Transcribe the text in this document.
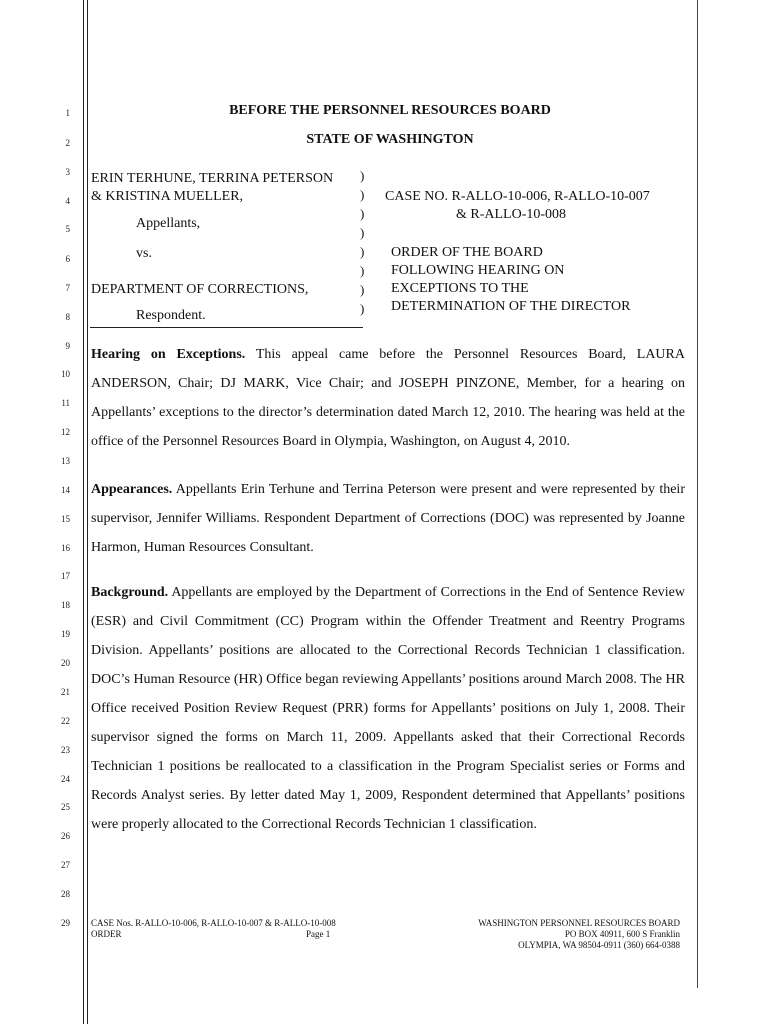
1
2
3
4
5
6
7
8
9
10
11
12
13
14
15
16
17
18
19
20
21
22
23
24
25
26
27
28
29
BEFORE THE PERSONNEL RESOURCES BOARD
STATE OF WASHINGTON
ERIN TERHUNE, TERRINA PETERSON
& KRISTINA MUELLER,
Appellants,
vs.
DEPARTMENT OF CORRECTIONS,
Respondent.
)
)
)
)
)
)
)
)
CASE NO. R-ALLO-10-006, R-ALLO-10-007
& R-ALLO-10-008
ORDER OF THE BOARD
FOLLOWING HEARING ON
EXCEPTIONS TO THE
DETERMINATION OF THE DIRECTOR
Hearing on Exceptions. This appeal came before the Personnel Resources Board, LAURA ANDERSON, Chair; DJ MARK, Vice Chair; and JOSEPH PINZONE, Member, for a hearing on Appellants’ exceptions to the director’s determination dated March 12, 2010. The hearing was held at the office of the Personnel Resources Board in Olympia, Washington, on August 4, 2010.
Appearances. Appellants Erin Terhune and Terrina Peterson were present and were represented by their supervisor, Jennifer Williams. Respondent Department of Corrections (DOC) was represented by Joanne Harmon, Human Resources Consultant.
Background. Appellants are employed by the Department of Corrections in the End of Sentence Review (ESR) and Civil Commitment (CC) Program within the Offender Treatment and Reentry Programs Division. Appellants’ positions are allocated to the Correctional Records Technician 1 classification. DOC’s Human Resource (HR) Office began reviewing Appellants’ positions around March 2008. The HR Office received Position Review Request (PRR) forms for Appellants’ positions on July 1, 2008. Their supervisor signed the forms on March 11, 2009. Appellants asked that their Correctional Records Technician 1 positions be reallocated to a classification in the Program Specialist series or Forms and Records Analyst series. By letter dated May 1, 2009, Respondent determined that Appellants’ positions were properly allocated to the Correctional Records Technician 1 classification.
CASE Nos. R-ALLO-10-006, R-ALLO-10-007 & R-ALLO-10-008
ORDER	Page 1
WASHINGTON PERSONNEL RESOURCES BOARD
PO BOX 40911, 600 S Franklin
OLYMPIA, WA 98504-0911 (360) 664-0388
